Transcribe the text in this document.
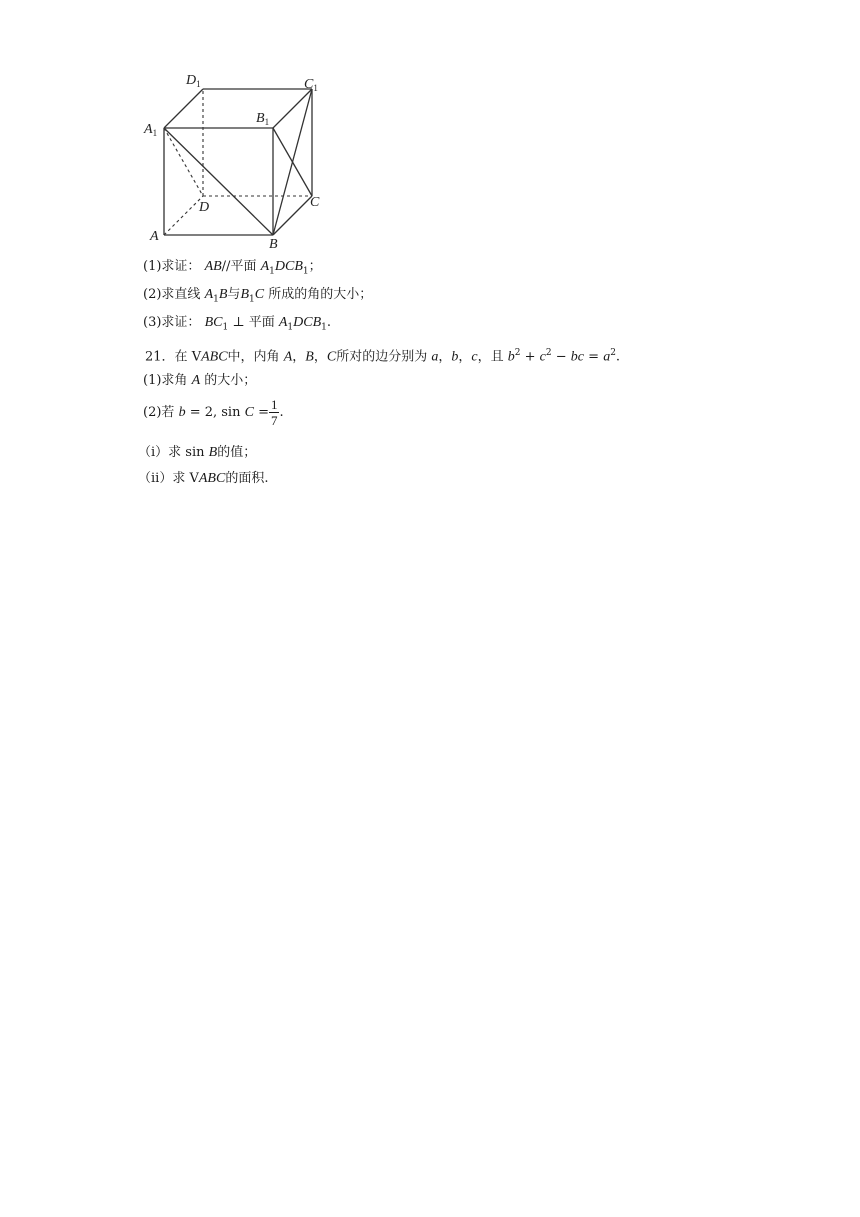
$D_1$	$C_1$
$A_1$
$B_1$
D	C
A
B
(1)求证： AB//平面 $A_1DCB_1$；
(2)求直线 $A_1B$与$B_1C$ 所成的角的大小；
(3)求证： $BC_1$ ⊥ 平面 $A_1DCB_1$.
21．在 VABC中，内角 A，B，C所对的边分别为 a，b，c，且 $b^2 + c^2$ − bc = $a^2$.
(1)求角 A 的大小；
(2)若 b = 2, $\sin C = \frac{1}{7}$ .
（i）求 sin B的值；
（ii）求 VABC的面积.
